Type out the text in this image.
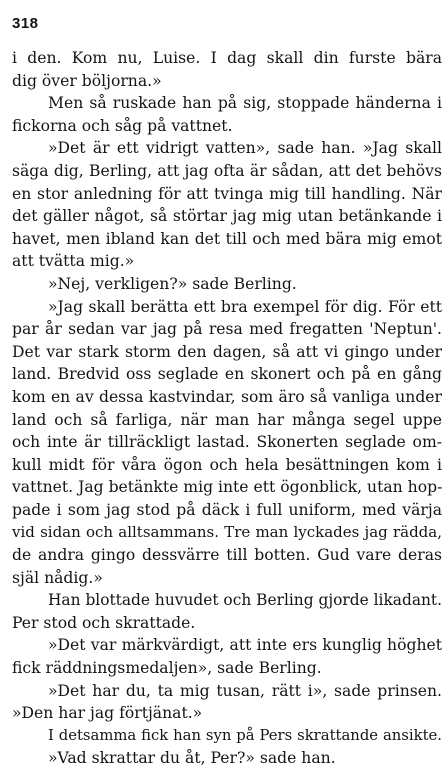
318
i den. Kom nu, Luise. I dag skall din furste bära
dig över böljorna.»
Men så ruskade han på sig, stoppade händerna i
fickorna och såg på vattnet.
»Det är ett vidrigt vatten», sade han. »Jag skall
säga dig, Berling, att jag ofta är sådan, att det behövs
en stor anledning för att tvinga mig till handling. När
det gäller något, så störtar jag mig utan betänkande i
havet, men ibland kan det till och med bära mig emot
att tvätta mig.»
»Nej, verkligen?» sade Berling.
»Jag skall berätta ett bra exempel för dig. För ett
par år sedan var jag på resa med fregatten 'Neptun'.
Det var stark storm den dagen, så att vi gingo under
land. Bredvid oss seglade en skonert och på en gång
kom en av dessa kastvindar, som äro så vanliga under
land och så farliga, när man har många segel uppe
och inte är tillräckligt lastad. Skonerten seglade om-
kull midt för våra ögon och hela besättningen kom i
vattnet. Jag betänkte mig inte ett ögonblick, utan hop-
pade i som jag stod på däck i full uniform, med värja
vid sidan och alltsammans. Tre man lyckades jag rädda,
de andra gingo dessvärre till botten. Gud vare deras
själ nådig.»
Han blottade huvudet och Berling gjorde likadant.
Per stod och skrattade.
»Det var märkvärdigt, att inte ers kunglig höghet
fick räddningsmedaljen», sade Berling.
»Det har du, ta mig tusan, rätt i», sade prinsen.
»Den har jag förtjänat.»
I detsamma fick han syn på Pers skrattande ansikte.
»Vad skrattar du åt, Per?» sade han.
